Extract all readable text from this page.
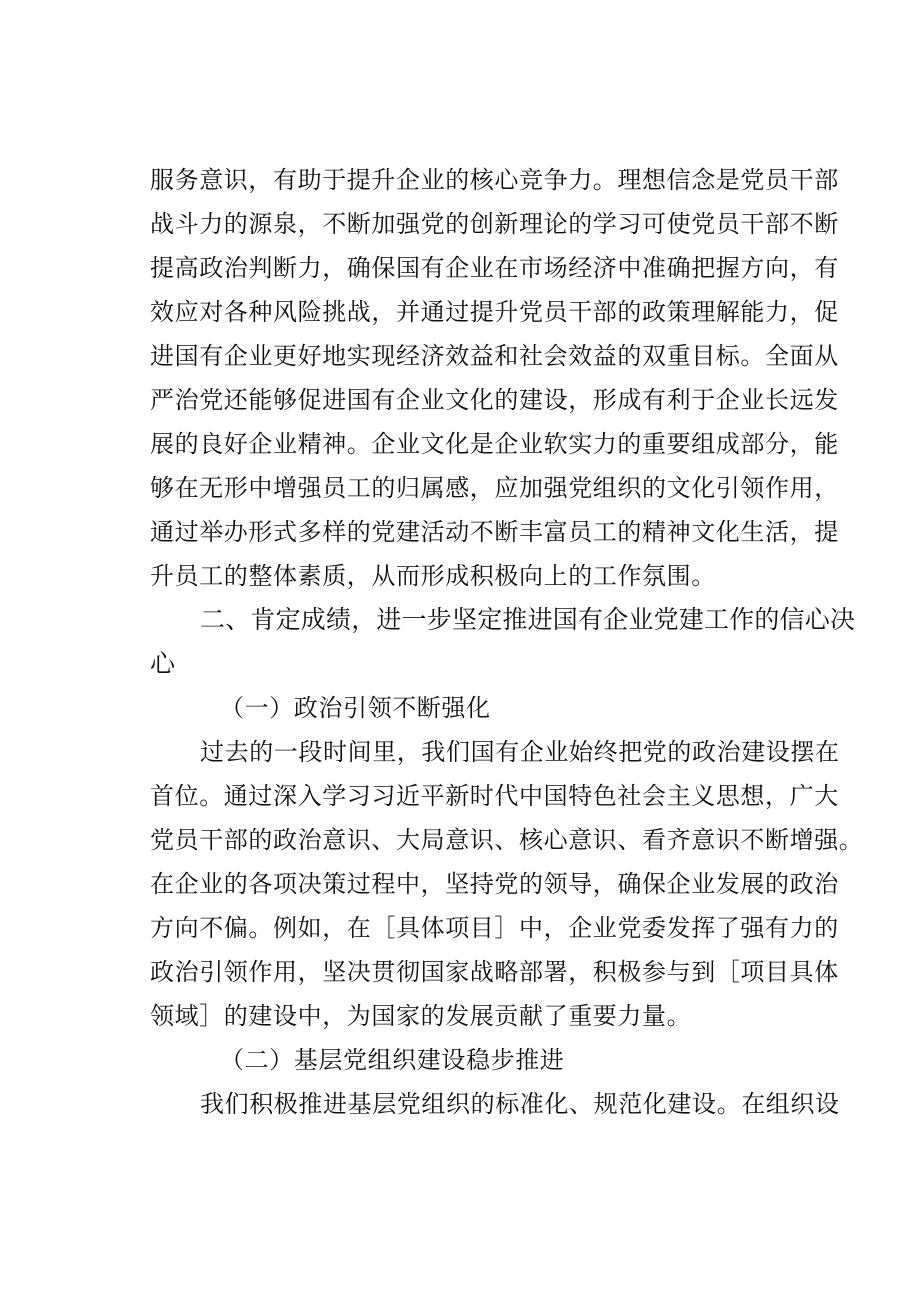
服务意识，有助于提升企业的核心竞争力。理想信念是党员干部
战斗力的源泉，不断加强党的创新理论的学习可使党员干部不断
提高政治判断力，确保国有企业在市场经济中准确把握方向，有
效应对各种风险挑战，并通过提升党员干部的政策理解能力，促
进国有企业更好地实现经济效益和社会效益的双重目标。全面从
严治党还能够促进国有企业文化的建设，形成有利于企业长远发
展的良好企业精神。企业文化是企业软实力的重要组成部分，能
够在无形中增强员工的归属感，应加强党组织的文化引领作用，
通过举办形式多样的党建活动不断丰富员工的精神文化生活，提
升员工的整体素质，从而形成积极向上的工作氛围。
二、肯定成绩，进一步坚定推进国有企业党建工作的信心决
心
（一）政治引领不断强化
过去的一段时间里，我们国有企业始终把党的政治建设摆在
首位。通过深入学习习近平新时代中国特色社会主义思想，广大
党员干部的政治意识、大局意识、核心意识、看齐意识不断增强。
在企业的各项决策过程中，坚持党的领导，确保企业发展的政治
方向不偏。例如，在［具体项目］中，企业党委发挥了强有力的
政治引领作用，坚决贯彻国家战略部署，积极参与到［项目具体
领域］的建设中，为国家的发展贡献了重要力量。
（二）基层党组织建设稳步推进
我们积极推进基层党组织的标准化、规范化建设。在组织设
